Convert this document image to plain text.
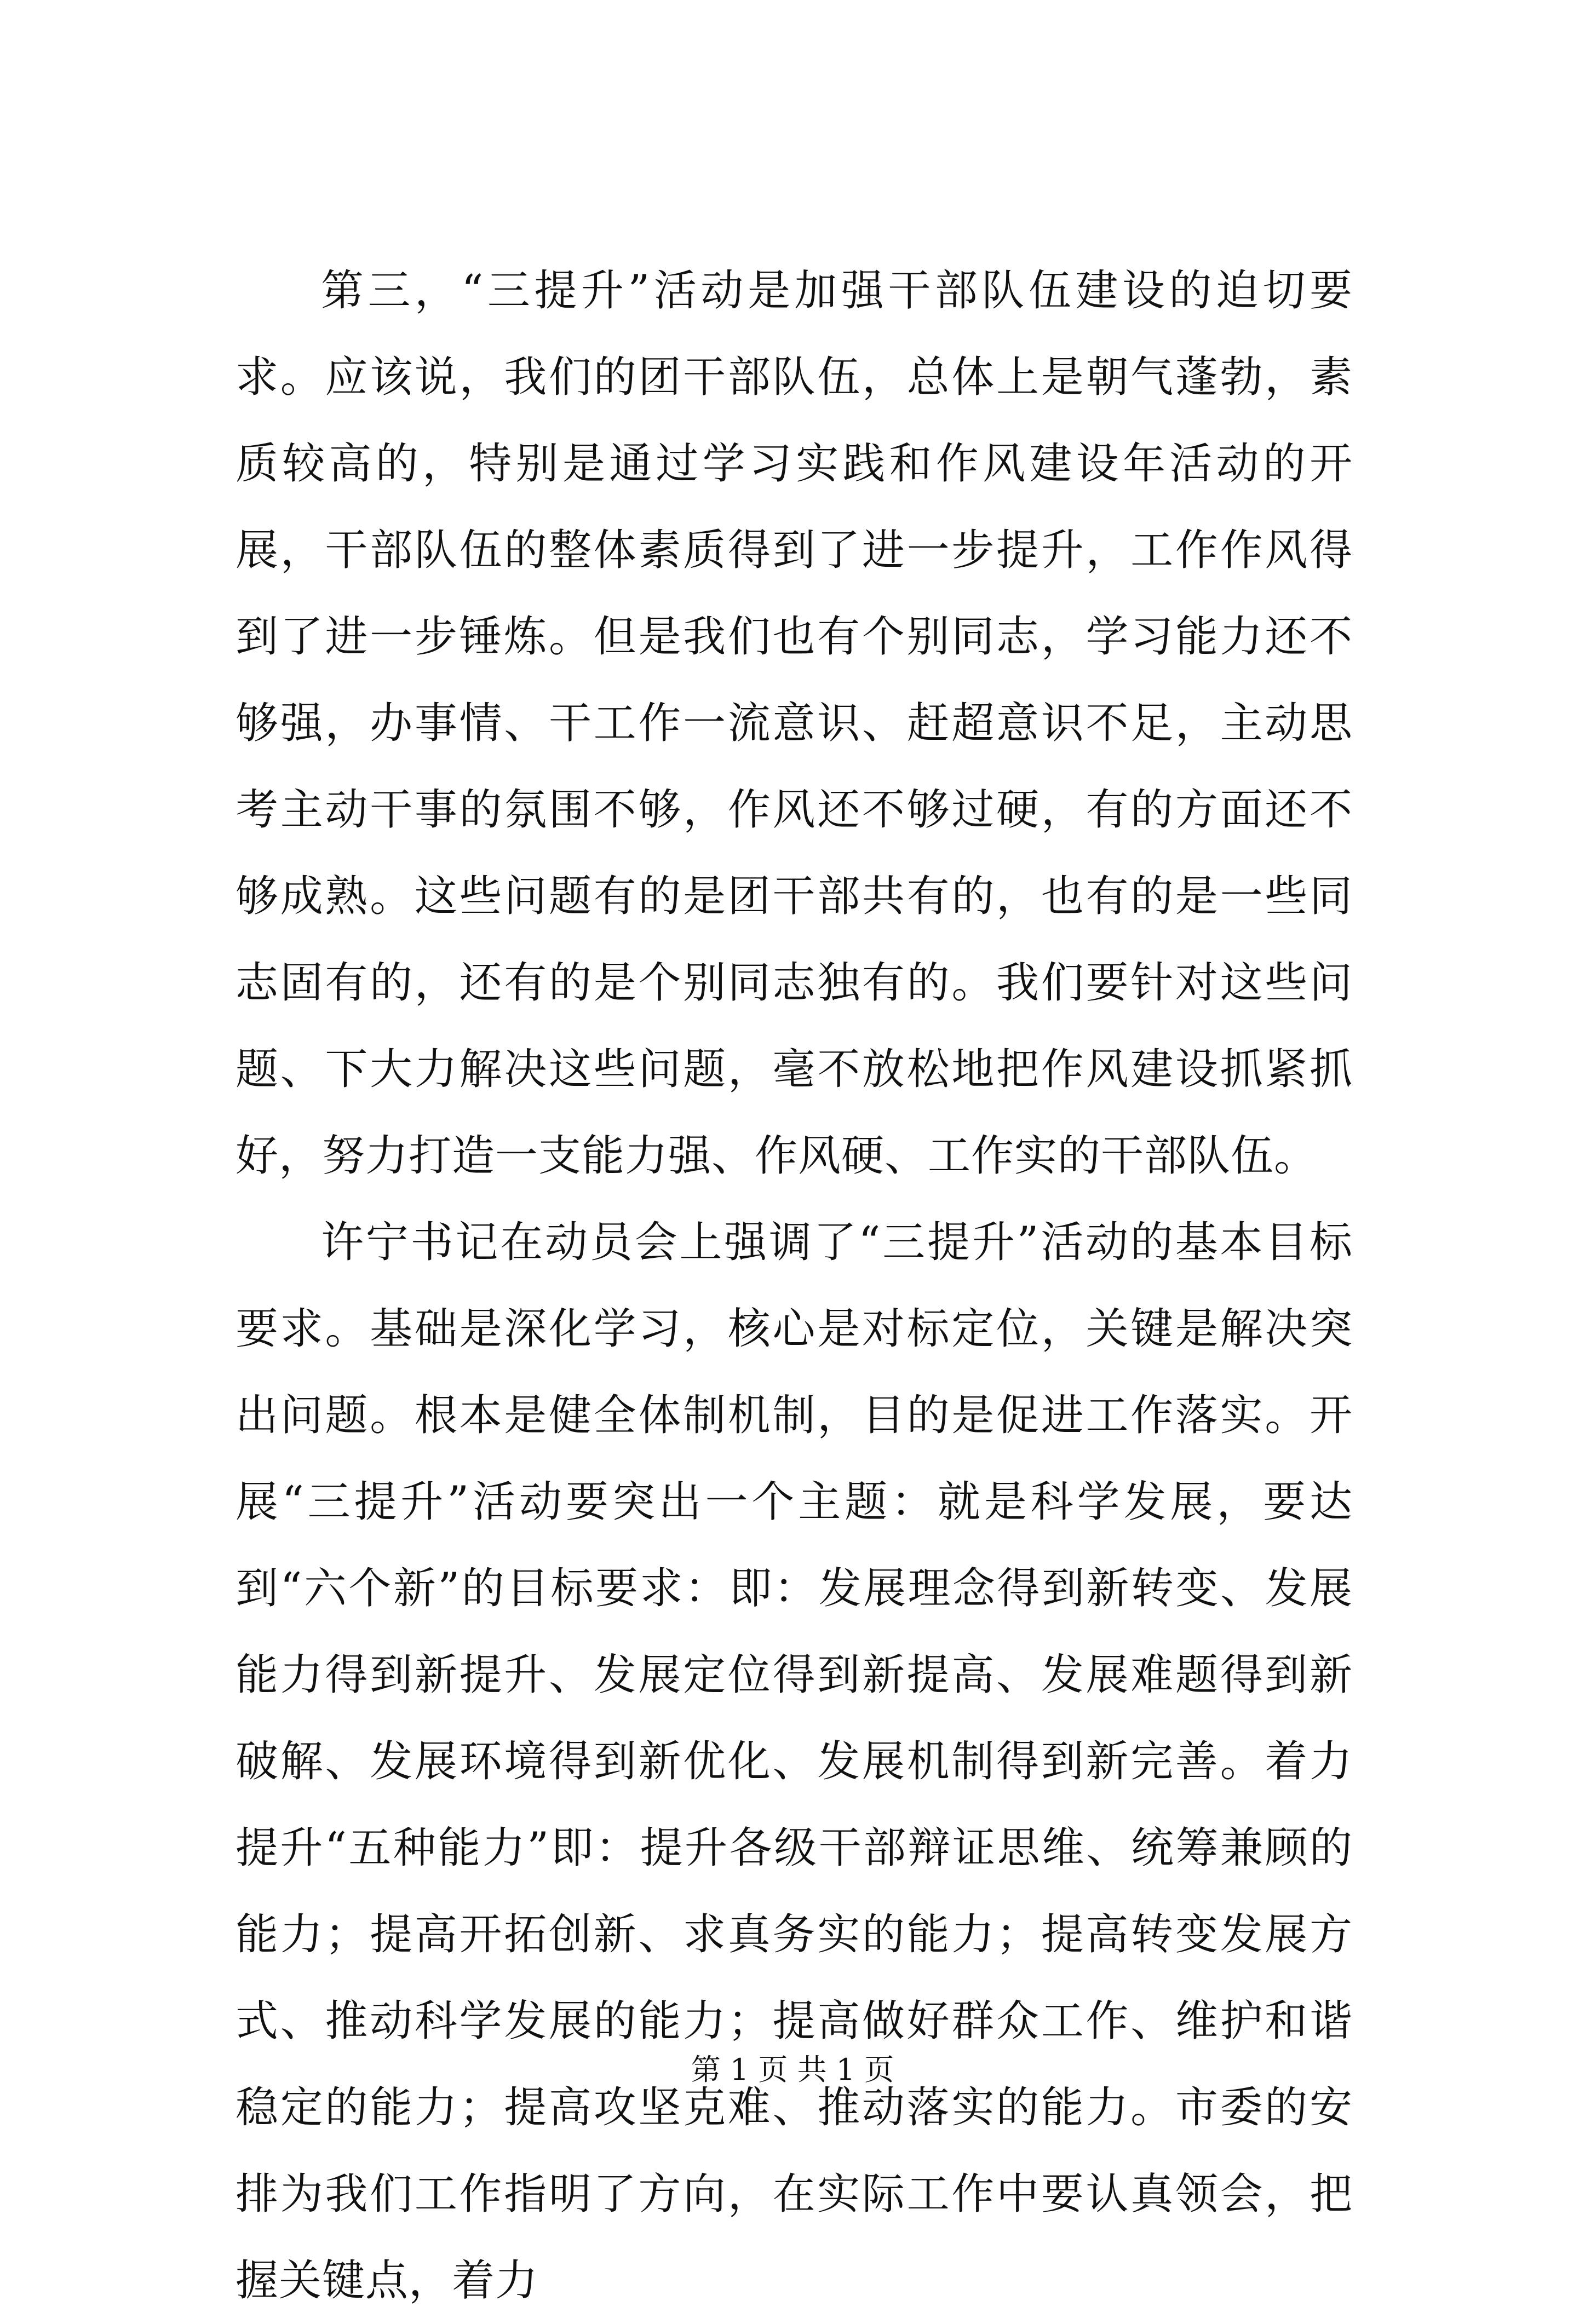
第三，“三提升”活动是加强干部队伍建设的迫切要求。应该说，我们的团干部队伍，总体上是朝气蓬勃，素质较高的，特别是通过学习实践和作风建设年活动的开展，干部队伍的整体素质得到了进一步提升，工作作风得到了进一步锤炼。但是我们也有个别同志，学习能力还不够强，办事情、干工作一流意识、赶超意识不足，主动思考主动干事的氛围不够，作风还不够过硬，有的方面还不够成熟。这些问题有的是团干部共有的，也有的是一些同志固有的，还有的是个别同志独有的。我们要针对这些问题、下大力解决这些问题，毫不放松地把作风建设抓紧抓好，努力打造一支能力强、作风硬、工作实的干部队伍。

许宁书记在动员会上强调了“三提升”活动的基本目标要求。基础是深化学习，核心是对标定位，关键是解决突出问题。根本是健全体制机制，目的是促进工作落实。开展“三提升”活动要突出一个主题：就是科学发展，要达到“六个新”的目标要求：即：发展理念得到新转变、发展能力得到新提升、发展定位得到新提高、发展难题得到新破解、发展环境得到新优化、发展机制得到新完善。着力提升“五种能力”即：提升各级干部辩证思维、统筹兼顾的能力；提高开拓创新、求真务实的能力；提高转变发展方式、推动科学发展的能力；提高做好群众工作、维护和谐稳定的能力；提高攻坚克难、推动落实的能力。市委的安排为我们工作指明了方向，在实际工作中要认真领会，把握关键点，着力

第 1 页 共 1 页
